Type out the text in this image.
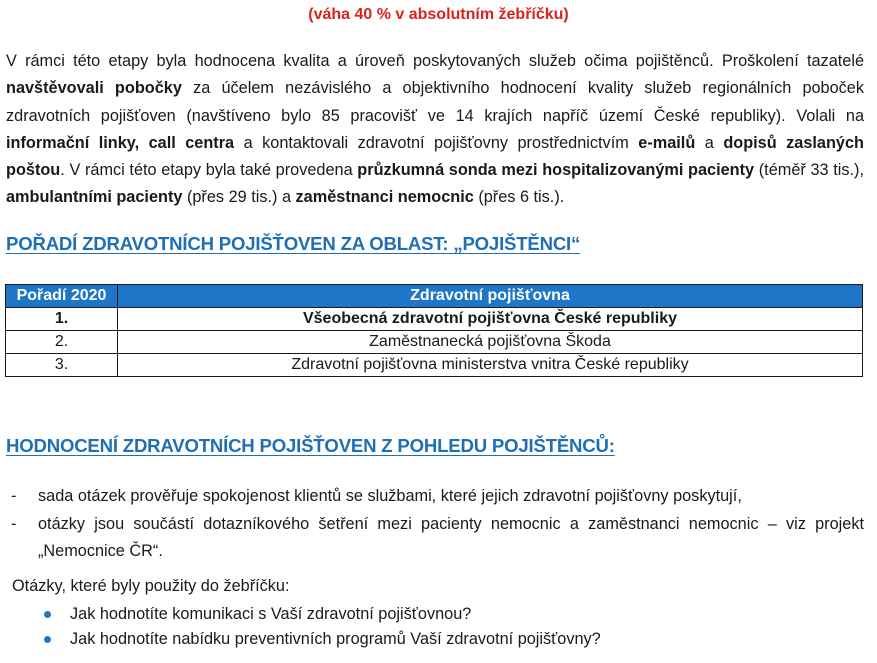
(váha 40 % v absolutním žebříčku)
V rámci této etapy byla hodnocena kvalita a úroveň poskytovaných služeb očima pojištěnců. Proškolení tazatelé navštěvovali pobočky za účelem nezávislého a objektivního hodnocení kvality služeb regionálních poboček zdravotních pojišťoven (navštíveno bylo 85 pracovišť ve 14 krajích napříč území České republiky). Volali na informační linky, call centra a kontaktovali zdravotní pojišťovny prostřednictvím e-mailů a dopisů zaslaných poštou. V rámci této etapy byla také provedena průzkumná sonda mezi hospitalizovanými pacienty (téměř 33 tis.), ambulantními pacienty (přes 29 tis.) a zaměstnanci nemocnic (přes 6 tis.).
POŘADÍ ZDRAVOTNÍCH POJIŠŤOVEN ZA OBLAST: „POJIŠTĚNCI“
Pořadí 2020	Zdravotní pojišťovna
1.	Všeobecná zdravotní pojišťovna České republiky
2.	Zaměstnanecká pojišťovna Škoda
3.	Zdravotní pojišťovna ministerstva vnitra České republiky
HODNOCENÍ ZDRAVOTNÍCH POJIŠŤOVEN Z POHLEDU POJIŠTĚNCŮ:
- sada otázek prověřuje spokojenost klientů se službami, které jejich zdravotní pojišťovny poskytují,
- otázky jsou součástí dotazníkového šetření mezi pacienty nemocnic a zaměstnanci nemocnic – viz projekt „Nemocnice ČR“.
Otázky, které byly použity do žebříčku:
Jak hodnotíte komunikaci s Vaší zdravotní pojišťovnou?
Jak hodnotíte nabídku preventivních programů Vaší zdravotní pojišťovny?
